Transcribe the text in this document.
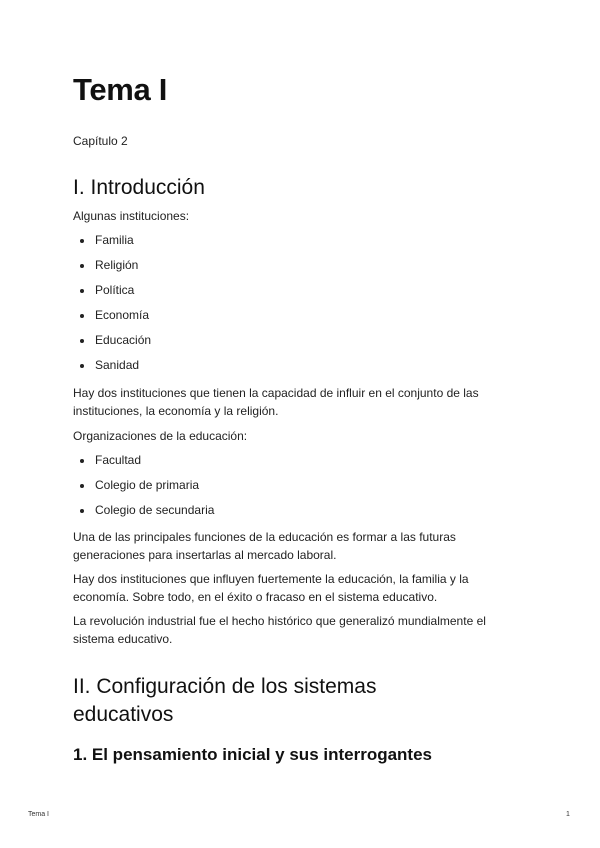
Tema I

Capítulo 2

I. Introducción

Algunas instituciones:

Familia
Religión
Política
Economía
Educación
Sanidad

Hay dos instituciones que tienen la capacidad de influir en el conjunto de las

instituciones, la economía y la religión.

Organizaciones de la educación:

Facultad
Colegio de primaria
Colegio de secundaria

Una de las principales funciones de la educación es formar a las futuras

generaciones para insertarlas al mercado laboral.

Hay dos instituciones que influyen fuertemente la educación, la familia y la

economía. Sobre todo, en el éxito o fracaso en el sistema educativo.

La revolución industrial fue el hecho histórico que generalizó mundialmente el

sistema educativo.

II. Configuración de los sistemas
educativos
1. El pensamiento inicial y sus interrogantes
Tema I	1
